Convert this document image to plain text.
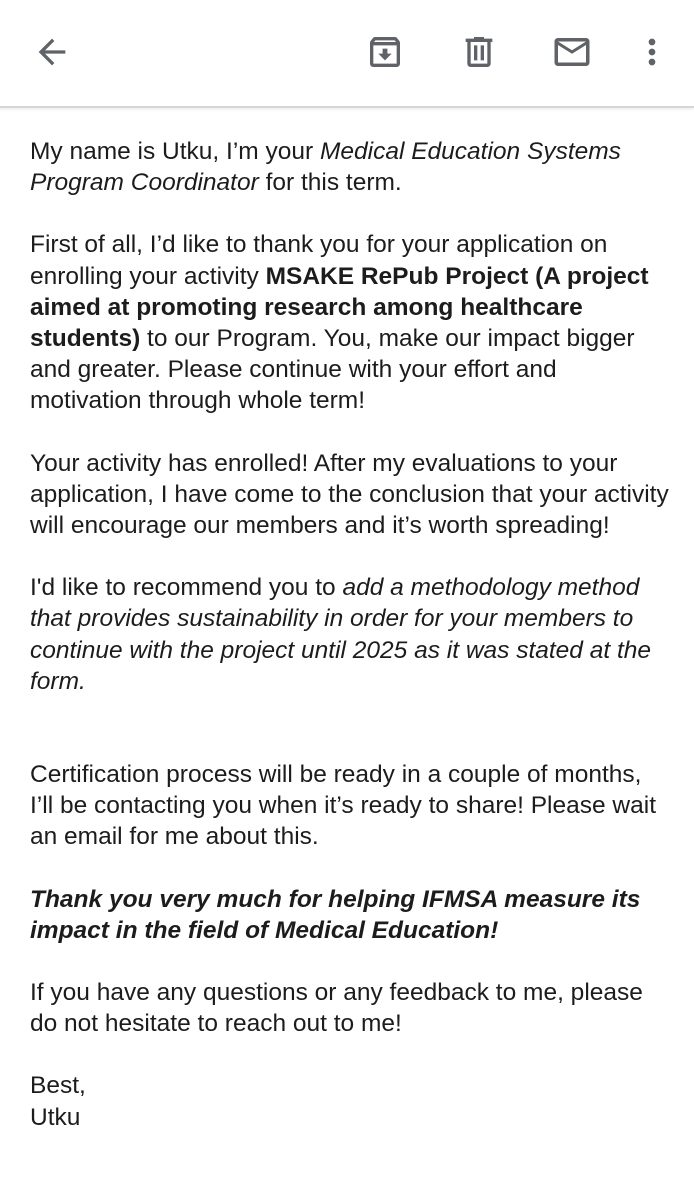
My name is Utku, I’m your Medical Education Systems Program Coordinator for this term.

First of all, I’d like to thank you for your application on enrolling your activity MSAKE RePub Project (A project aimed at promoting research among healthcare students) to our Program. You, make our impact bigger and greater. Please continue with your effort and motivation through whole term!

Your activity has enrolled! After my evaluations to your application, I have come to the conclusion that your activity will encourage our members and it’s worth spreading!

I'd like to recommend you to add a methodology method that provides sustainability in order for your members to continue with the project until 2025 as it was stated at the form.

Certification process will be ready in a couple of months, I’ll be contacting you when it’s ready to share! Please wait an email for me about this.

Thank you very much for helping IFMSA measure its impact in the field of Medical Education!

If you have any questions or any feedback to me, please do not hesitate to reach out to me!

Best,

Utku
